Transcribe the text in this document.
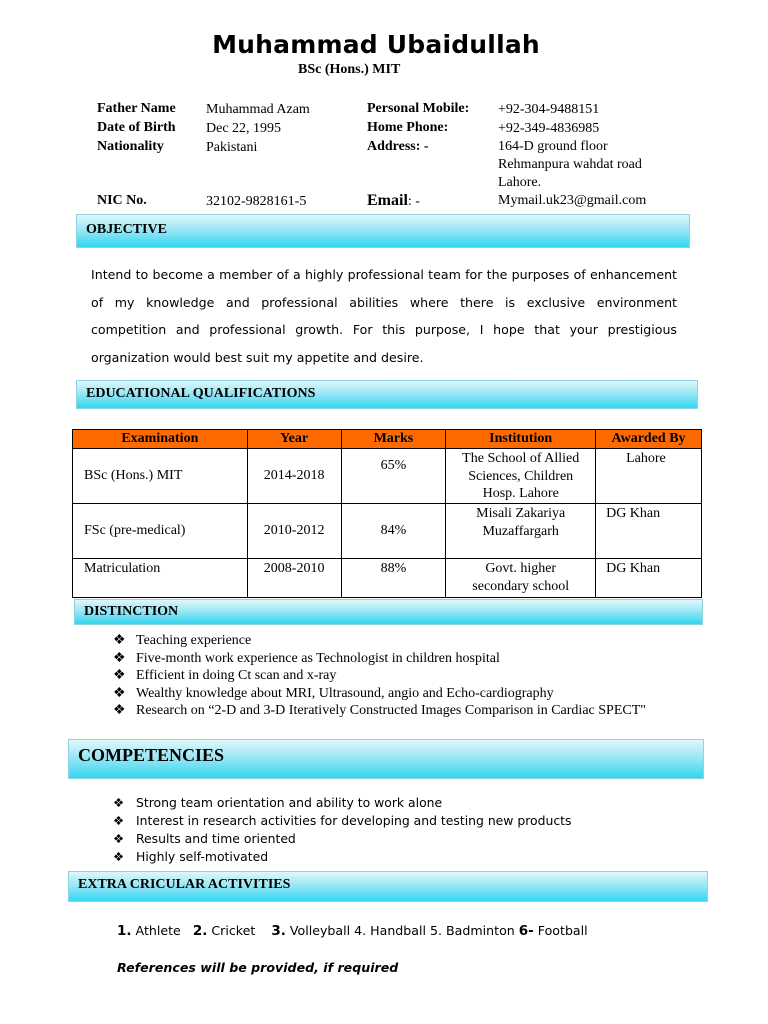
Muhammad Ubaidullah
BSc (Hons.) MIT
Father Name Muhammad Azam
Date of Birth Dec 22, 1995
Nationality	Pakistani
NIC No.	32102-9828161-5
Personal Mobile: +92-304-9488151
Home Phone:	+92-349-4836985
Address: -	164-D ground floor
Rehmanpura wahdat road
Lahore.
Email: -	Mymail.uk23@gmail.com
OBJECTIVE
Intend to become a member of a highly professional team for the purposes of enhancement
of my knowledge and professional abilities where there is exclusive environment
competition and professional growth. For this purpose, I hope that your prestigious
organization would best suit my appetite and desire.
EDUCATIONAL QUALIFICATIONS
Examination	Year	Marks	Institution	Awarded By
BSc (Hons.) MIT	2014-2018	65%	The School of Allied
Sciences, Children
Hosp. Lahore	Lahore
FSc (pre-medical)	2010-2012	84%	Misali Zakariya
Muzaffargarh	DG Khan
Matriculation	2008-2010	88%	Govt. higher
secondary school	DG Khan
DISTINCTION
❖ Teaching experience
❖ Five-month work experience as Technologist in children hospital
❖ Efficient in doing Ct scan and x-ray
❖ Wealthy knowledge about MRI, Ultrasound, angio and Echo-cardiography
❖ Research on “2-D and 3-D Iteratively Constructed Images Comparison in Cardiac SPECT"
COMPETENCIES
❖ Strong team orientation and ability to work alone
❖ Interest in research activities for developing and testing new products
❖ Results and time oriented
❖ Highly self-motivated
EXTRA CRICULAR ACTIVITIES
1. Athlete 2. Cricket 3. Volleyball 4. Handball 5. Badminton 6- Football
References will be provided, if required
